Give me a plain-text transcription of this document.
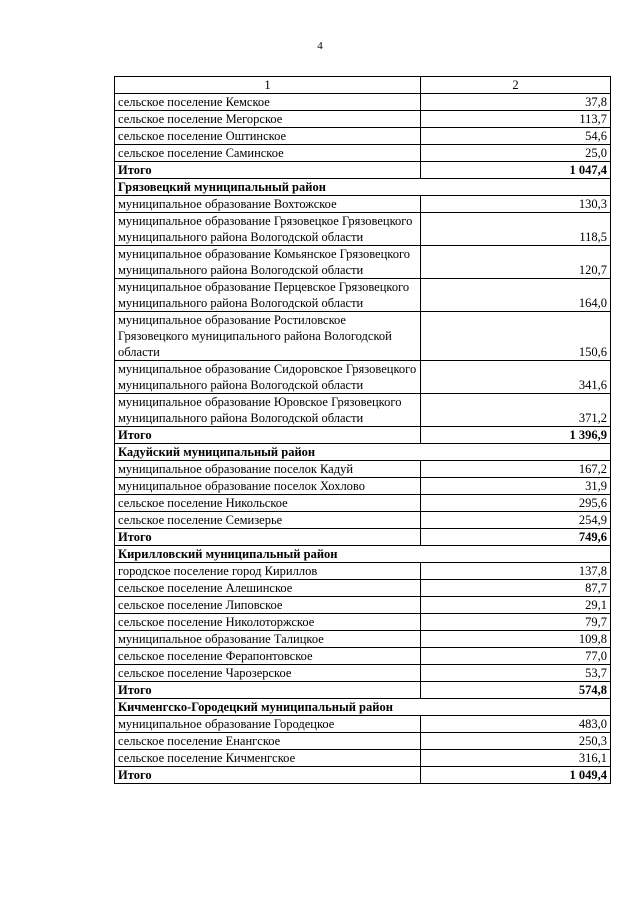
4
1	2
сельское поселение Кемское	37,8
сельское поселение Мегорское	113,7
сельское поселение Оштинское	54,6
сельское поселение Саминское	25,0
Итого	1 047,4
Грязовецкий муниципальный район	
муниципальное образование Вохтожское	130,3
муниципальное образование Грязовецкое Грязовецкого муниципального района Вологодской области	118,5
муниципальное образование Комьянское Грязовецкого муниципального района Вологодской области	120,7
муниципальное образование Перцевское Грязовецкого муниципального района Вологодской области	164,0
муниципальное образование Ростиловское Грязовецкого муниципального района Вологодской области	150,6
муниципальное образование Сидоровское Грязовецкого муниципального района Вологодской области	341,6
муниципальное образование Юровское Грязовецкого муниципального района Вологодской области	371,2
Итого	1 396,9
Кадуйский муниципальный район	
муниципальное образование поселок Кадуй	167,2
муниципальное образование поселок Хохлово	31,9
сельское поселение Никольское	295,6
сельское поселение Семизерье	254,9
Итого	749,6
Кирилловский муниципальный район	
городское поселение город Кириллов	137,8
сельское поселение Алешинское	87,7
сельское поселение Липовское	29,1
сельское поселение Николоторжское	79,7
муниципальное образование Талицкое	109,8
сельское поселение Ферапонтовское	77,0
сельское поселение Чарозерское	53,7
Итого	574,8
Кичменгско-Городецкий муниципальный район	
муниципальное образование Городецкое	483,0
сельское поселение Енангское	250,3
сельское поселение Кичменгское	316,1
Итого	1 049,4
